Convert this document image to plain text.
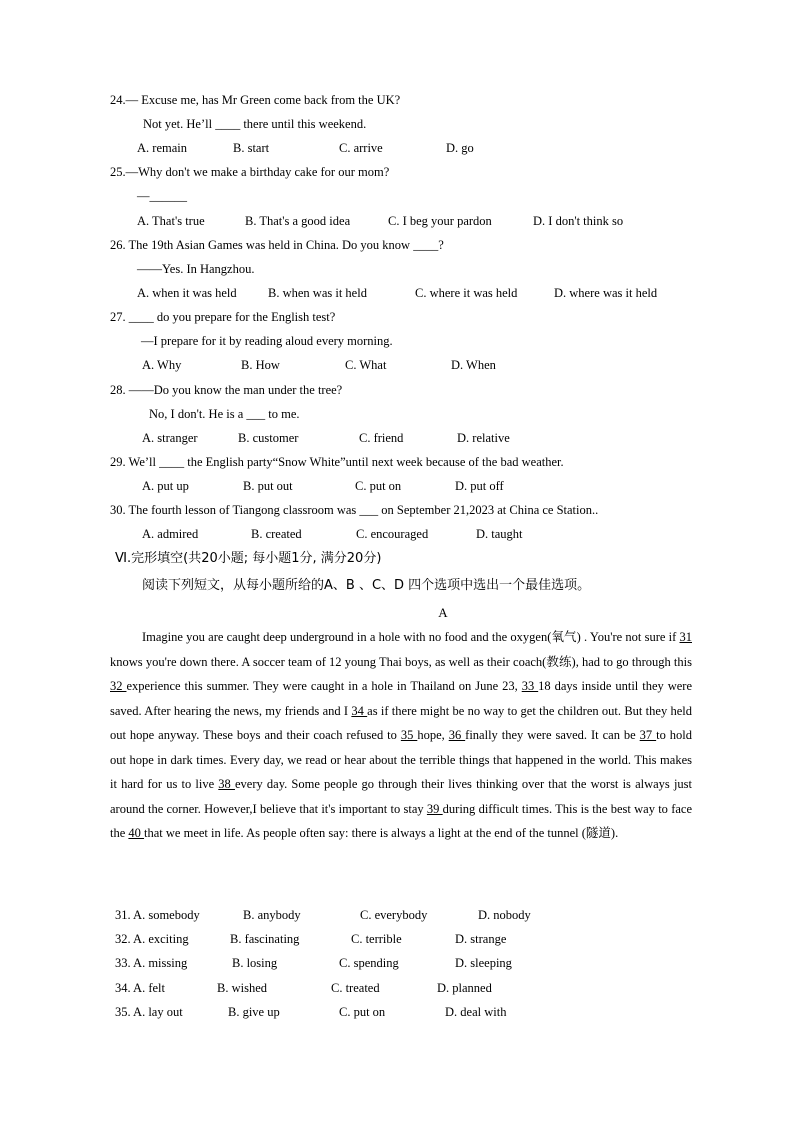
24.— Excuse me, has Mr Green come back from the UK?
Not yet. He’ll ____ there until this weekend.
A. remain	B. start	C. arrive	D. go
25.—Why don't we make a birthday cake for our mom?
—______
A. That's true	B. That's a good idea	C. I beg your pardon	D. I don't think so
26. The 19th Asian Games was held in China. Do you know ____?
——Yes. In Hangzhou.
A. when it was held	B. when was it held	C. where it was held	D. where was it held
27. ____ do you prepare for the English test?
—I prepare for it by reading aloud every morning.
A. Why	B. How	C. What	D. When
28. ——Do you know the man under the tree?
No, I don't. He is a ___ to me.
A. stranger	B. customer	C. friend	D. relative
29. We’ll ____ the English party“Snow White”until next week because of the bad weather.
A. put up	B. put out	C. put on	D. put off
30. The fourth lesson of Tiangong classroom was ___ on September 21,2023 at China ce Station..
A. admired	B. created	C. encouraged	D. taught
Ⅵ.完形填空(共20小题; 每小题1分, 满分20分)
阅读下列短文，从每小题所给的A、B 、C、D 四个选项中选出一个最佳选项。
A
Imagine you are caught deep underground in a hole with no food and the oxygen(氧气) . You're not sure if 31 knows you're down there. A soccer team of 12 young Thai boys, as well as their coach(教练), had to go through this 32 experience this summer. They were caught in a hole in Thailand on June 23, 33 18 days inside until they were saved. After hearing the news, my friends and I 34 as if there might be no way to get the children out. But they held out hope anyway. These boys and their coach refused to 35 hope, 36 finally they were saved. It can be 37 to hold out hope in dark times. Every day, we read or hear about the terrible things that happened in the world. This makes it hard for us to live 38 every day. Some people go through their lives thinking over that the worst is always just around the corner. However,I believe that it's important to stay 39 during difficult times. This is the best way to face the 40 that we meet in life. As people often say: there is always a light at the end of the tunnel (隧道).
31. A. somebody	B. anybody	C. everybody	D. nobody
32. A. exciting	B. fascinating	C. terrible	D. strange
33. A. missing	B. losing	C. spending	D. sleeping
34. A. felt	B. wished	C. treated	D. planned
35. A. lay out	B. give up	C. put on	D. deal with
